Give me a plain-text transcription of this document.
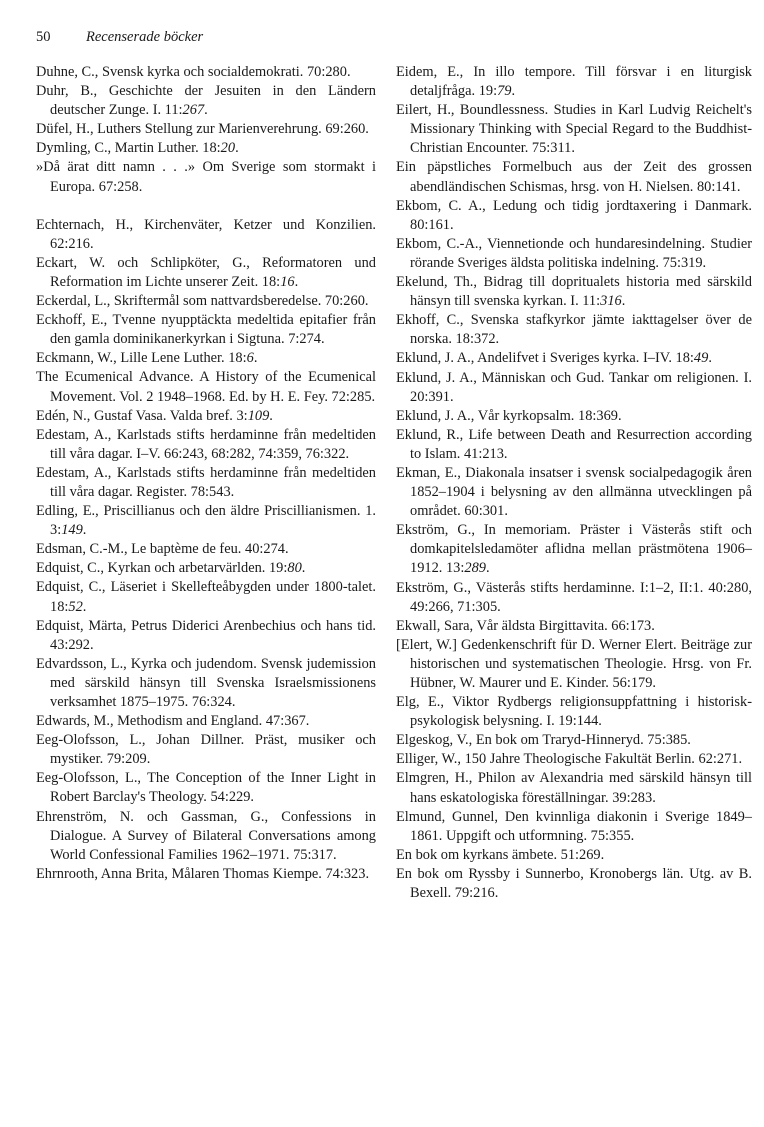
50 Recenserade böcker
Duhne, C., Svensk kyrka och socialdemokrati. 70:280.
Duhr, B., Geschichte der Jesuiten in den Ländern deutscher Zunge. I. 11:267.
Düfel, H., Luthers Stellung zur Marienverehrung. 69:260.
Dymling, C., Martin Luther. 18:20.
»Då ärat ditt namn . . .» Om Sverige som stormakt i Europa. 67:258.
Echternach, H., Kirchenväter, Ketzer und Konzilien. 62:216.
Eckart, W. och Schlipköter, G., Reformatoren und Reformation im Lichte unserer Zeit. 18:16.
Eckerdal, L., Skriftermål som nattvardsberedelse. 70:260.
Eckhoff, E., Tvenne nyupptäckta medeltida epitafier från den gamla dominikanerkyrkan i Sigtuna. 7:274.
Eckmann, W., Lille Lene Luther. 18:6.
The Ecumenical Advance. A History of the Ecumenical Movement. Vol. 2 1948–1968. Ed. by H. E. Fey. 72:285.
Edén, N., Gustaf Vasa. Valda bref. 3:109.
Edestam, A., Karlstads stifts herdaminne från medeltiden till våra dagar. I–V. 66:243, 68:282, 74:359, 76:322.
Edestam, A., Karlstads stifts herdaminne från medeltiden till våra dagar. Register. 78:543.
Edling, E., Priscillianus och den äldre Priscillianismen. 1. 3:149.
Edsman, C.-M., Le baptème de feu. 40:274.
Edquist, C., Kyrkan och arbetarvärlden. 19:80.
Edquist, C., Läseriet i Skellefteåbygden under 1800-talet. 18:52.
Edquist, Märta, Petrus Diderici Arenbechius och hans tid. 43:292.
Edvardsson, L., Kyrka och judendom. Svensk judemission med särskild hänsyn till Svenska Israelsmissionens verksamhet 1875–1975. 76:324.
Edwards, M., Methodism and England. 47:367.
Eeg-Olofsson, L., Johan Dillner. Präst, musiker och mystiker. 79:209.
Eeg-Olofsson, L., The Conception of the Inner Light in Robert Barclay's Theology. 54:229.
Ehrenström, N. och Gassman, G., Confessions in Dialogue. A Survey of Bilateral Conversations among World Confessional Families 1962–1971. 75:317.
Ehrnrooth, Anna Brita, Målaren Thomas Kiempe. 74:323.
Eidem, E., In illo tempore. Till försvar i en liturgisk detaljfråga. 19:79.
Eilert, H., Boundlessness. Studies in Karl Ludvig Reichelt's Missionary Thinking with Special Regard to the Buddhist-Christian Encounter. 75:311.
Ein päpstliches Formelbuch aus der Zeit des grossen abendländischen Schismas, hrsg. von H. Nielsen. 80:141.
Ekbom, C. A., Ledung och tidig jordtaxering i Danmark. 80:161.
Ekbom, C.-A., Viennetionde och hundaresindelning. Studier rörande Sveriges äldsta politiska indelning. 75:319.
Ekelund, Th., Bidrag till dopritualets historia med särskild hänsyn till svenska kyrkan. I. 11:316.
Ekhoff, C., Svenska stafkyrkor jämte iakttagelser över de norska. 18:372.
Eklund, J. A., Andelifvet i Sveriges kyrka. I–IV. 18:49.
Eklund, J. A., Människan och Gud. Tankar om religionen. I. 20:391.
Eklund, J. A., Vår kyrkopsalm. 18:369.
Eklund, R., Life between Death and Resurrection according to Islam. 41:213.
Ekman, E., Diakonala insatser i svensk socialpedagogik åren 1852–1904 i belysning av den allmänna utvecklingen på området. 60:301.
Ekström, G., In memoriam. Präster i Västerås stift och domkapitelsledamöter aflidna mellan prästmötena 1906–1912. 13:289.
Ekström, G., Västerås stifts herdaminne. I:1–2, II:1. 40:280, 49:266, 71:305.
Ekwall, Sara, Vår äldsta Birgittavita. 66:173.
[Elert, W.] Gedenkenschrift für D. Werner Elert. Beiträge zur historischen und systematischen Theologie. Hrsg. von Fr. Hübner, W. Maurer und E. Kinder. 56:179.
Elg, E., Viktor Rydbergs religionsuppfattning i historisk-psykologisk belysning. I. 19:144.
Elgeskog, V., En bok om Traryd-Hinneryd. 75:385.
Elliger, W., 150 Jahre Theologische Fakultät Berlin. 62:271.
Elmgren, H., Philon av Alexandria med särskild hänsyn till hans eskatologiska föreställningar. 39:283.
Elmund, Gunnel, Den kvinnliga diakonin i Sverige 1849–1861. Uppgift och utformning. 75:355.
En bok om kyrkans ämbete. 51:269.
En bok om Ryssby i Sunnerbo, Kronobergs län. Utg. av B. Bexell. 79:216.
